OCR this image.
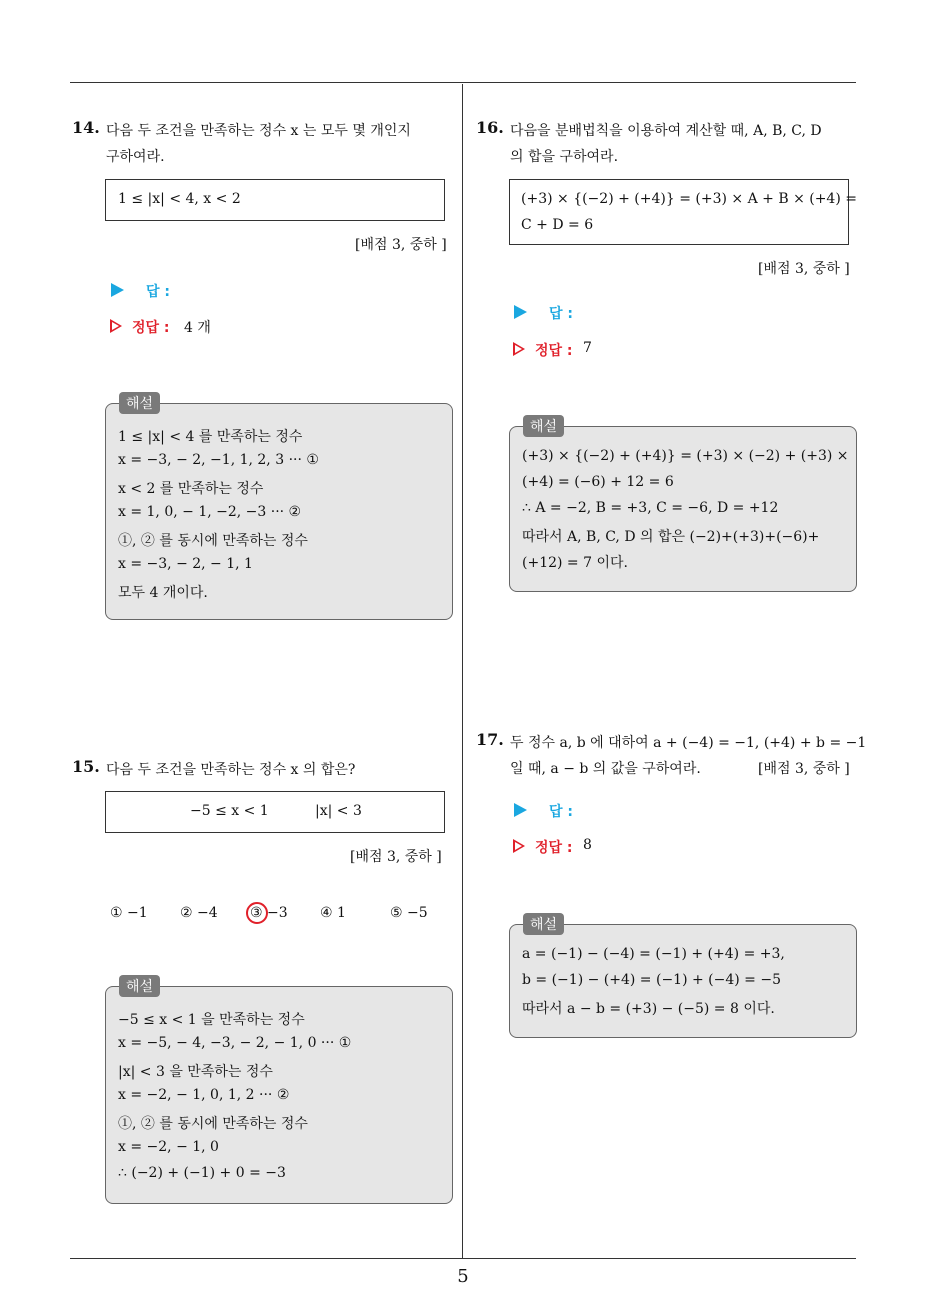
5
14. 다음 두 조건을 만족하는 정수 x 는 모두 몇 개인지
구하여라.
1 ≤ |x| < 4, x < 2
[배점 3, 중하 ]
답 :
정답 : 4 개
해설
1 ≤ |x| < 4 를 만족하는 정수
x = −3, − 2, −1, 1, 2, 3 ··· ①
x < 2 를 만족하는 정수
x = 1, 0, − 1, −2, −3 ··· ②
①, ② 를 동시에 만족하는 정수
x = −3, − 2, − 1, 1
모두 4 개이다.
15. 다음 두 조건을 만족하는 정수 x 의 합은?
−5 ≤ x < 1	|x| < 3
[배점 3, 중하 ]
① −1 ② −4 ③ −3 ④ 1	⑤ −5
해설
−5 ≤ x < 1 을 만족하는 정수
x = −5, − 4, −3, − 2, − 1, 0 ··· ①
|x| < 3 을 만족하는 정수
x = −2, − 1, 0, 1, 2 ··· ②
①, ② 를 동시에 만족하는 정수
x = −2, − 1, 0
∴ (−2) + (−1) + 0 = −3
16. 다음을 분배법칙을 이용하여 계산할 때, A, B, C, D
의 합을 구하여라.
(+3) × {(−2) + (+4)} = (+3) × A + B × (+4) =
C + D = 6
[배점 3, 중하 ]
답 :
정답 : 7
해설
(+3) × {(−2) + (+4)} = (+3) × (−2) + (+3) ×
(+4) = (−6) + 12 = 6
∴ A = −2, B = +3, C = −6, D = +12
따라서 A, B, C, D 의 합은 (−2)+(+3)+(−6)+
(+12) = 7 이다.
17. 두 정수 a, b 에 대하여 a + (−4) = −1, (+4) + b = −1
일 때, a − b 의 값을 구하여라.	[배점 3, 중하 ]
답 :
정답 : 8
해설
a = (−1) − (−4) = (−1) + (+4) = +3,
b = (−1) − (+4) = (−1) + (−4) = −5
따라서 a − b = (+3) − (−5) = 8 이다.
